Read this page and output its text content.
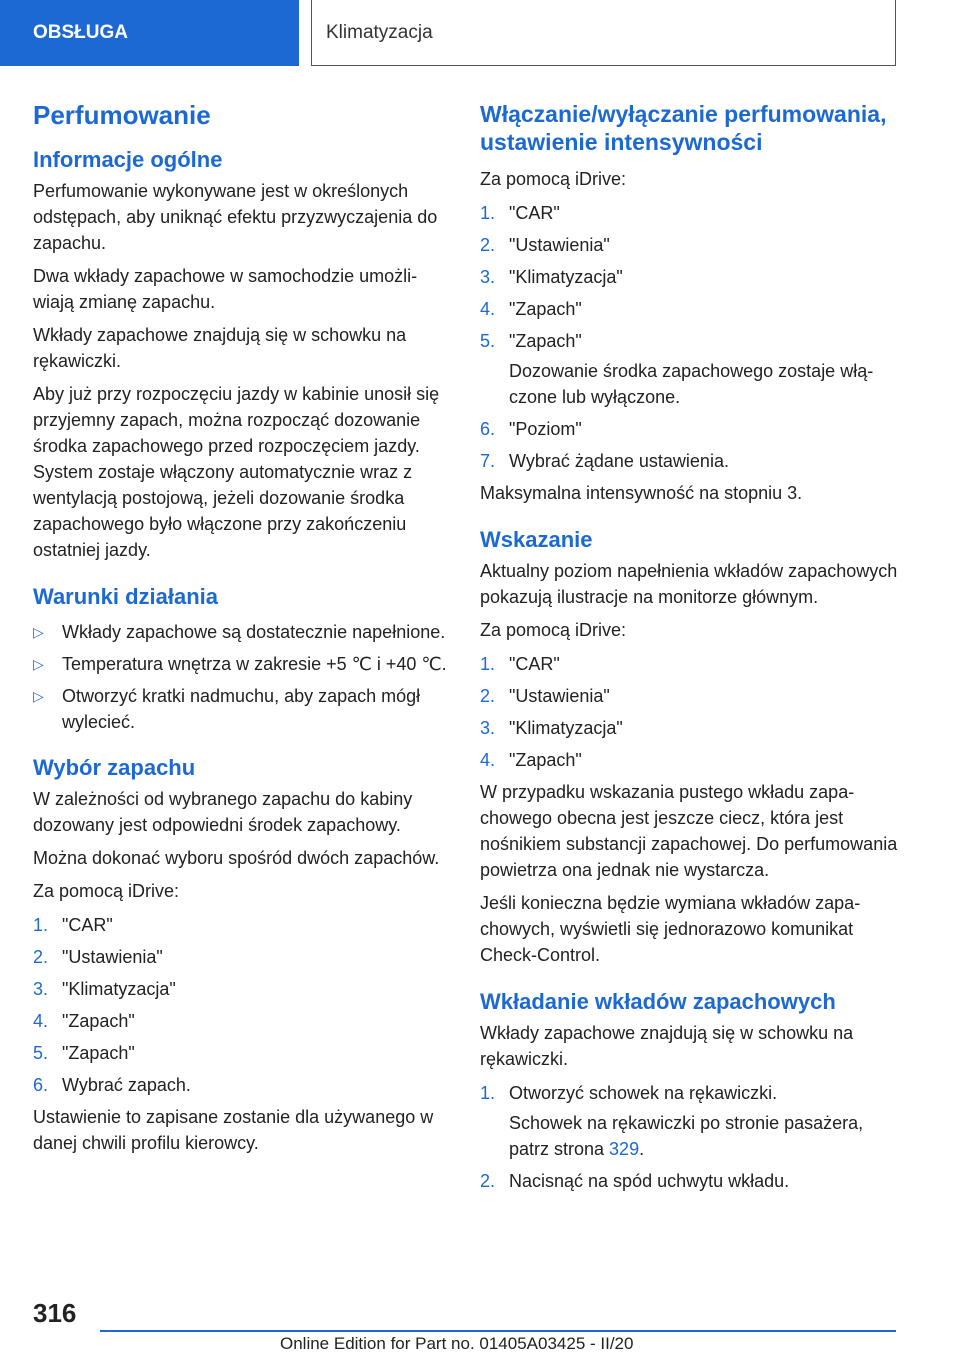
OBSŁUGA	Klimatyzacja
Perfumowanie
Informacje ogólne

Perfumowanie wykonywane jest w określonych odstępach, aby uniknąć efektu przyzwyczajenia do zapachu.

Dwa wkłady zapachowe w samochodzie umożliwiają zmianę zapachu.

Wkłady zapachowe znajdują się w schowku na rękawiczki.

Aby już przy rozpoczęciu jazdy w kabinie unosił się przyjemny zapach, można rozpocząć dozowanie środka zapachowego przed rozpoczęciem jazdy. System zostaje włączony automatycznie wraz z wentylacją postojową, jeżeli dozowanie środka zapachowego było włączone przy zakończeniu ostatniej jazdy.

Warunki działania
▷ Wkłady zapachowe są dostatecznie napełnione.
▷ Temperatura wnętrza w zakresie +5 ℃ i +40 ℃.
▷ Otworzyć kratki nadmuchu, aby zapach mógł wylecieć.
Wybór zapachu

W zależności od wybranego zapachu do kabiny dozowany jest odpowiedni środek zapachowy.

Można dokonać wyboru spośród dwóch zapachów.

Za pomocą iDrive:

1. "CAR"
2. "Ustawienia"
3. "Klimatyzacja"
4. "Zapach"
5. "Zapach"
6. Wybrać zapach.

Ustawienie to zapisane zostanie dla używanego w danej chwili profilu kierowcy.

Włączanie/wyłączanie perfumowania, ustawienie intensywności

Za pomocą iDrive:

1. "CAR"
2. "Ustawienia"
3. "Klimatyzacja"
4. "Zapach"
5. "Zapach"
Dozowanie środka zapachowego zostaje włączone lub wyłączone.
6. "Poziom"
7. Wybrać żądane ustawienia.

Maksymalna intensywność na stopniu 3.

Wskazanie

Aktualny poziom napełnienia wkładów zapachowych pokazują ilustracje na monitorze głównym.

Za pomocą iDrive:

1. "CAR"
2. "Ustawienia"
3. "Klimatyzacja"
4. "Zapach"

W przypadku wskazania pustego wkładu zapachowego obecna jest jeszcze ciecz, która jest nośnikiem substancji zapachowej. Do perfumowania powietrza ona jednak nie wystarcza.

Jeśli konieczna będzie wymiana wkładów zapachowych, wyświetli się jednorazowo komunikat Check-Control.

Wkładanie wkładów zapachowych

Wkłady zapachowe znajdują się w schowku na rękawiczki.

1. Otworzyć schowek na rękawiczki.
Schowek na rękawiczki po stronie pasażera, patrz strona 329.
2. Nacisnąć na spód uchwytu wkładu.
316
Online Edition for Part no. 01405A03425 - II/20
